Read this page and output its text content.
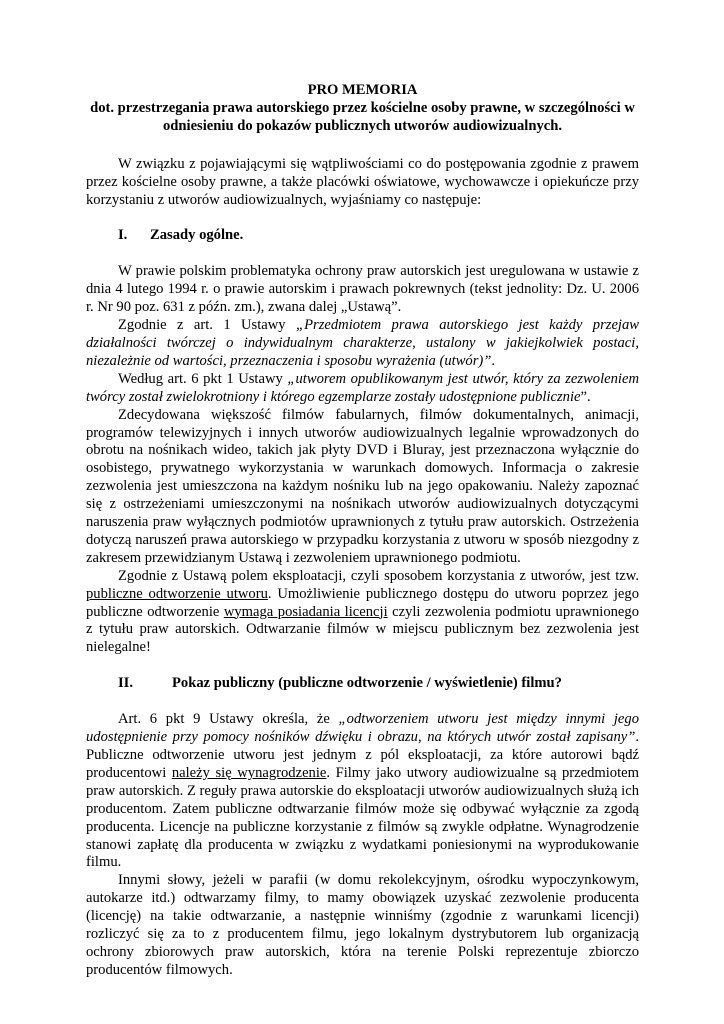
PRO MEMORIA

dot. przestrzegania prawa autorskiego przez kościelne osoby prawne, w szczególności w

odniesieniu do pokazów publicznych utworów audiowizualnych.

W związku z pojawiającymi się wątpliwościami co do postępowania zgodnie z prawem przez kościelne osoby prawne, a także placówki oświatowe, wychowawcze i opiekuńcze przy korzystaniu z utworów audiowizualnych, wyjaśniamy co następuje:

I.	Zasady ogólne.

W prawie polskim problematyka ochrony praw autorskich jest uregulowana w ustawie z dnia 4 lutego 1994 r. o prawie autorskim i prawach pokrewnych (tekst jednolity: Dz. U. 2006 r. Nr 90 poz. 631 z późn. zm.), zwana dalej „Ustawą”.

Zgodnie z art. 1 Ustawy „Przedmiotem prawa autorskiego jest każdy przejaw działalności twórczej o indywidualnym charakterze, ustalony w jakiejkolwiek postaci, niezależnie od wartości, przeznaczenia i sposobu wyrażenia (utwór)”.

Według art. 6 pkt 1 Ustawy „utworem opublikowanym jest utwór, który za zezwoleniem twórcy został zwielokrotniony i którego egzemplarze zostały udostępnione publicznie”.

Zdecydowana większość filmów fabularnych, filmów dokumentalnych, animacji, programów telewizyjnych i innych utworów audiowizualnych legalnie wprowadzonych do obrotu na nośnikach wideo, takich jak płyty DVD i Bluray, jest przeznaczona wyłącznie do osobistego, prywatnego wykorzystania w warunkach domowych. Informacja o zakresie zezwolenia jest umieszczona na każdym nośniku lub na jego opakowaniu. Należy zapoznać się z ostrzeżeniami umieszczonymi na nośnikach utworów audiowizualnych dotyczącymi naruszenia praw wyłącznych podmiotów uprawnionych z tytułu praw autorskich. Ostrzeżenia dotyczą naruszeń prawa autorskiego w przypadku korzystania z utworu w sposób niezgodny z zakresem przewidzianym Ustawą i zezwoleniem uprawnionego podmiotu.

Zgodnie z Ustawą polem eksploatacji, czyli sposobem korzystania z utworów, jest tzw. publiczne odtworzenie utworu. Umożliwienie publicznego dostępu do utworu poprzez jego publiczne odtworzenie wymaga posiadania licencji czyli zezwolenia podmiotu uprawnionego z tytułu praw autorskich. Odtwarzanie filmów w miejscu publicznym bez zezwolenia jest nielegalne!

II.	Pokaz publiczny (publiczne odtworzenie / wyświetlenie) filmu?

Art. 6 pkt 9 Ustawy określa, że „odtworzeniem utworu jest między innymi jego udostępnienie przy pomocy nośników dźwięku i obrazu, na których utwór został zapisany”. Publiczne odtworzenie utworu jest jednym z pól eksploatacji, za które autorowi bądź producentowi należy się wynagrodzenie. Filmy jako utwory audiowizualne są przedmiotem praw autorskich. Z reguły prawa autorskie do eksploatacji utworów audiowizualnych służą ich producentom. Zatem publiczne odtwarzanie filmów może się odbywać wyłącznie za zgodą producenta. Licencje na publiczne korzystanie z filmów są zwykle odpłatne. Wynagrodzenie stanowi zapłatę dla producenta w związku z wydatkami poniesionymi na wyprodukowanie filmu.

Innymi słowy, jeżeli w parafii (w domu rekolekcyjnym, ośrodku wypoczynkowym, autokarze itd.) odtwarzamy filmy, to mamy obowiązek uzyskać zezwolenie producenta (licencję) na takie odtwarzanie, a następnie winniśmy (zgodnie z warunkami licencji) rozliczyć się za to z producentem filmu, jego lokalnym dystrybutorem lub organizacją ochrony zbiorowych praw autorskich, która na terenie Polski reprezentuje zbiorczo producentów filmowych.
